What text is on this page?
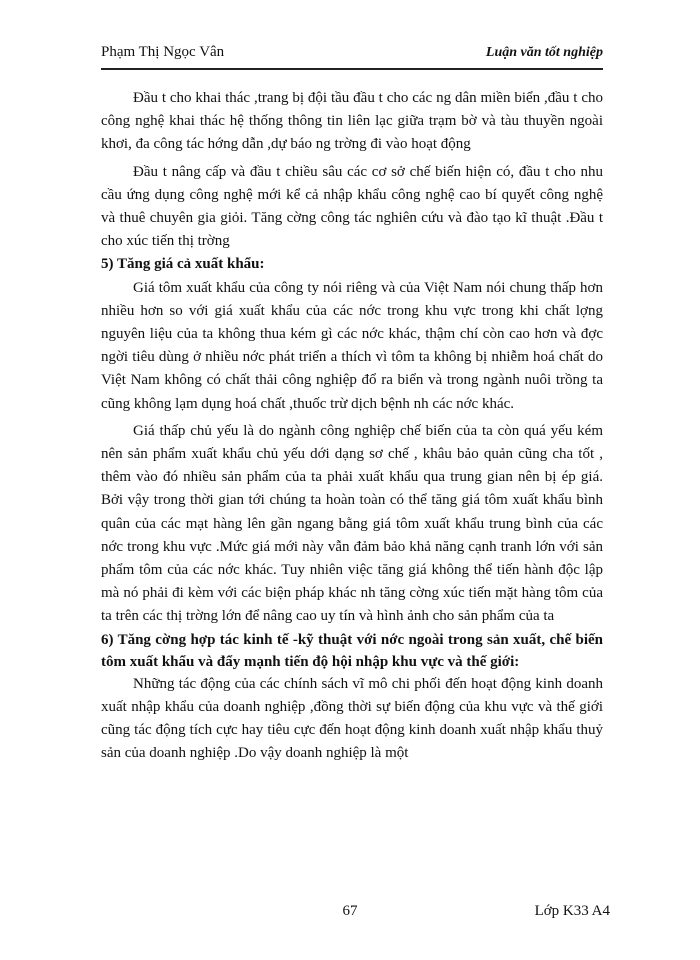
Phạm Thị Ngọc Vân	Luận văn tốt nghiệp

Đầu t cho khai thác ,trang bị đội tầu đầu t cho các ng dân miền biển ,đầu t cho công nghệ khai thác hệ thống thông tin liên lạc giữa trạm bờ và tàu thuyền ngoài khơi, đa công tác hớng dẫn ,dự báo ng trờng đi vào hoạt động

Đầu t nâng cấp và đầu t chiều sâu các cơ sở chế biến hiện có, đầu t cho nhu cầu ứng dụng công nghệ mới kể cả nhập khẩu công nghệ cao bí quyết công nghệ và thuê chuyên gia giỏi. Tăng cờng công tác nghiên cứu và đào tạo kĩ thuật .Đầu t cho xúc tiến thị trờng

5) Tăng giá cả xuất khẩu:

Giá tôm xuất khẩu của công ty nói riêng và của Việt Nam nói chung thấp hơn nhiều hơn so với giá xuất khẩu của các nớc trong khu vực trong khi chất lợng nguyên liệu của ta không thua kém gì các nớc khác, thậm chí còn cao hơn và đợc ngời tiêu dùng ở nhiều nớc phát triển a thích vì tôm ta không bị nhiễm hoá chất do Việt Nam không có chất thải công nghiệp đổ ra biển và trong ngành nuôi trồng ta cũng không lạm dụng hoá chất ,thuốc trừ dịch bệnh nh các nớc khác.

Giá thấp chủ yếu là do ngành công nghiệp chế biến của ta còn quá yếu kém nên sản phẩm xuất khẩu chủ yếu dới dạng sơ chế , khâu bảo quản cũng cha tốt , thêm vào đó nhiều sản phẩm của ta phải xuất khẩu qua trung gian nên bị ép giá. Bởi vậy trong thời gian tới chúng ta hoàn toàn có thể tăng giá tôm xuất khẩu bình quân của các mạt hàng lên gần ngang bằng giá tôm xuất khẩu trung bình của các nớc trong khu vực .Mức giá mới này vẫn đảm bảo khả năng cạnh tranh lớn với sản phẩm tôm của các nớc khác. Tuy nhiên việc tăng giá không thể tiến hành độc lập mà nó phải đi kèm với các biện pháp khác nh tăng cờng xúc tiến mặt hàng tôm của ta trên các thị trờng lớn để nâng cao uy tín và hình ảnh cho sản phẩm của ta

6) Tăng cờng hợp tác kinh tế -kỹ thuật với nớc ngoài trong sản xuất, chế biến tôm xuất khẩu và đẩy mạnh tiến độ hội nhập khu vực và thế giới:

Những tác động của các chính sách vĩ mô chi phối đến hoạt động kinh doanh xuất nhập khẩu của doanh nghiệp ,đồng thời sự biến động của khu vực và thế giới cũng tác động tích cực hay tiêu cực đến hoạt động kinh doanh xuất nhập khẩu thuỷ sản của doanh nghiệp .Do vậy doanh nghiệp là một

67	Lớp K33 A4
